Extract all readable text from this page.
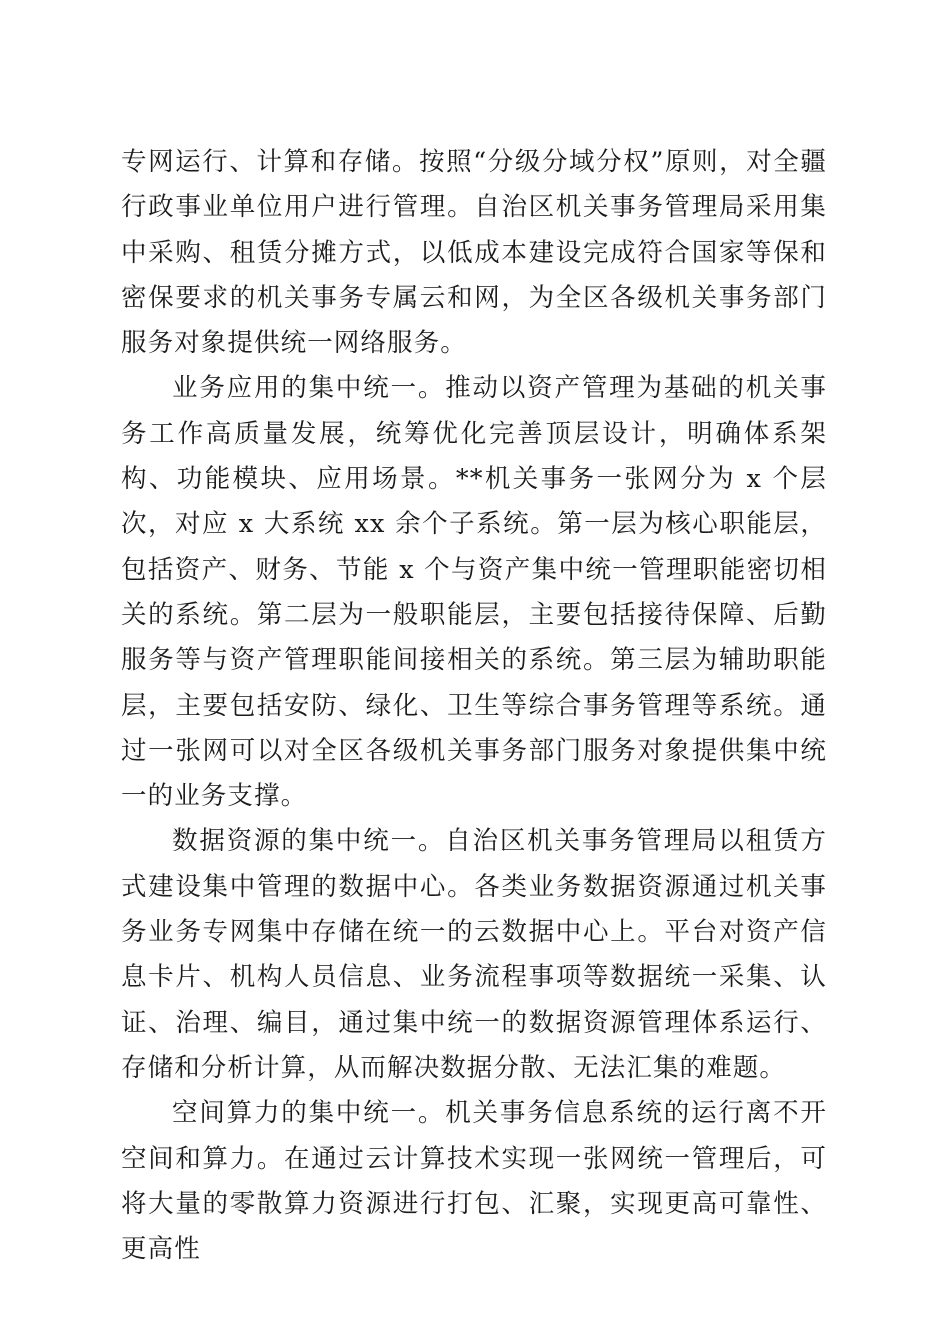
专网运行、计算和存储。按照“分级分域分权”原则，对全疆行政事业单位用户进行管理。自治区机关事务管理局采用集中采购、租赁分摊方式，以低成本建设完成符合国家等保和密保要求的机关事务专属云和网，为全区各级机关事务部门服务对象提供统一网络服务。

业务应用的集中统一。推动以资产管理为基础的机关事务工作高质量发展，统筹优化完善顶层设计，明确体系架构、功能模块、应用场景。**机关事务一张网分为 x 个层次，对应 x 大系统 xx 余个子系统。第一层为核心职能层，包括资产、财务、节能 x 个与资产集中统一管理职能密切相关的系统。第二层为一般职能层，主要包括接待保障、后勤服务等与资产管理职能间接相关的系统。第三层为辅助职能层，主要包括安防、绿化、卫生等综合事务管理等系统。通过一张网可以对全区各级机关事务部门服务对象提供集中统一的业务支撑。

数据资源的集中统一。自治区机关事务管理局以租赁方式建设集中管理的数据中心。各类业务数据资源通过机关事务业务专网集中存储在统一的云数据中心上。平台对资产信息卡片、机构人员信息、业务流程事项等数据统一采集、认证、治理、编目，通过集中统一的数据资源管理体系运行、存储和分析计算，从而解决数据分散、无法汇集的难题。

空间算力的集中统一。机关事务信息系统的运行离不开空间和算力。在通过云计算技术实现一张网统一管理后，可将大量的零散算力资源进行打包、汇聚，实现更高可靠性、更高性
